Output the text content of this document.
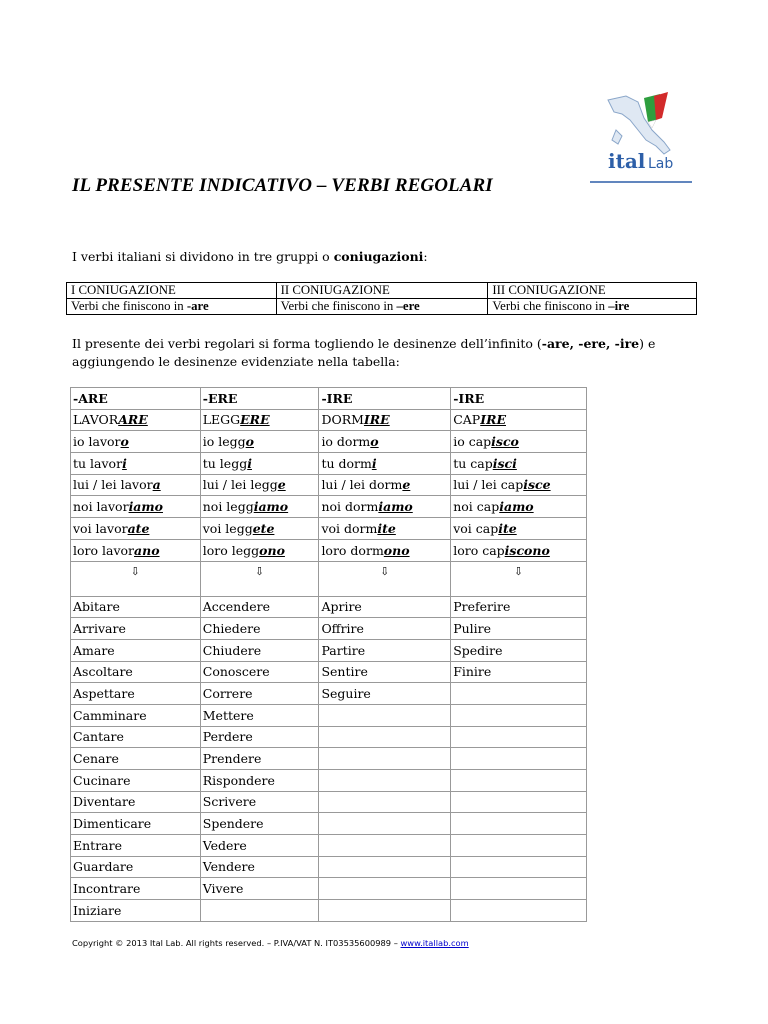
ital Lab
IL PRESENTE INDICATIVO – VERBI REGOLARI
I verbi italiani si dividono in tre gruppi o coniugazioni:
I CONIUGAZIONE	II CONIUGAZIONE	III CONIUGAZIONE
Verbi che finiscono in -are	Verbi che finiscono in –ere	Verbi che finiscono in –ire
Il presente dei verbi regolari si forma togliendo le desinenze dell’infinito (-are, -ere, -ire) e aggiungendo le desinenze evidenziate nella tabella:
-ARE	-ERE	-IRE	-IRE
LAVORARE	LEGGERE	DORMIRE	CAPIRE
io lavoro	io leggo	io dormo	io capisco
tu lavori	tu leggi	tu dormi	tu capisci
lui / lei lavora	lui / lei legge	lui / lei dorme	lui / lei capisce
noi lavoriamo	noi leggiamo	noi dormiamo	noi capiamo
voi lavorate	voi leggete	voi dormite	voi capite
loro lavorano	loro leggono	loro dormono	loro capiscono
⇩	⇩	⇩	⇩
Abitare	Accendere	Aprire	Preferire
Arrivare	Chiedere	Offrire	Pulire
Amare	Chiudere	Partire	Spedire
Ascoltare	Conoscere	Sentire	Finire
Aspettare	Correre	Seguire	
Camminare	Mettere		
Cantare	Perdere		
Cenare	Prendere		
Cucinare	Rispondere		
Diventare	Scrivere		
Dimenticare	Spendere		
Entrare	Vedere		
Guardare	Vendere		
Incontrare	Vivere		
Iniziare			
Copyright © 2013 Ital Lab. All rights reserved. – P.IVA/VAT N. IT03535600989 – www.itallab.com
